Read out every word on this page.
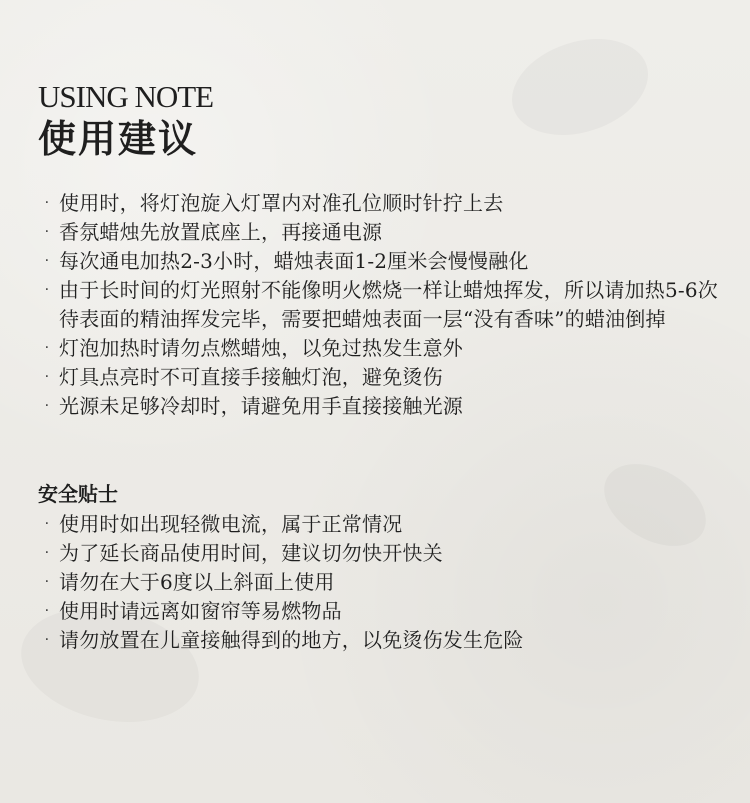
USING NOTE
使用建议
· 使用时，将灯泡旋入灯罩内对准孔位顺时针拧上去
· 香氛蜡烛先放置底座上，再接通电源
· 每次通电加热2-3小时，蜡烛表面1-2厘米会慢慢融化
· 由于长时间的灯光照射不能像明火燃烧一样让蜡烛挥发，所以请加热5-6次待表面的精油挥发完毕，需要把蜡烛表面一层“没有香味”的蜡油倒掉
· 灯泡加热时请勿点燃蜡烛，以免过热发生意外
· 灯具点亮时不可直接手接触灯泡，避免烫伤
· 光源未足够冷却时，请避免用手直接接触光源
安全贴士
· 使用时如出现轻微电流，属于正常情况
· 为了延长商品使用时间，建议切勿快开快关
· 请勿在大于6度以上斜面上使用
· 使用时请远离如窗帘等易燃物品
· 请勿放置在儿童接触得到的地方，以免烫伤发生危险
